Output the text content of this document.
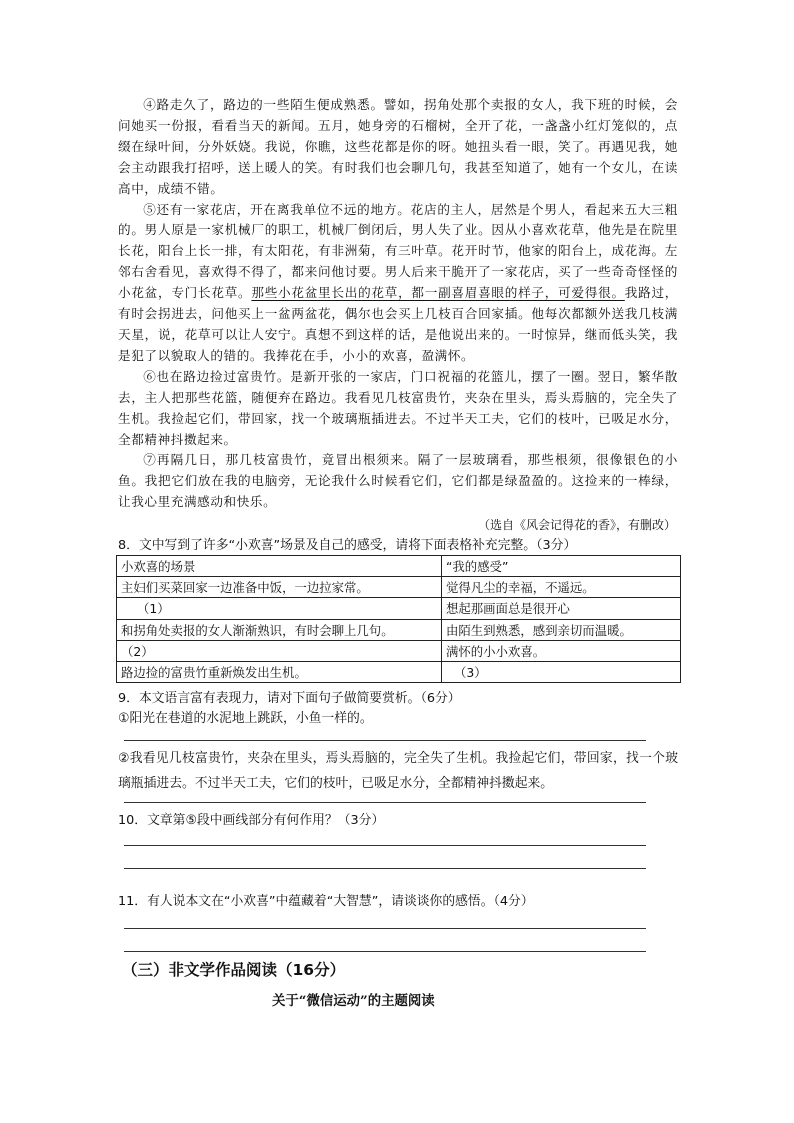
④路走久了，路边的一些陌生便成熟悉。譬如，拐角处那个卖报的女人，我下班的时候，会问她买一份报，看看当天的新闻。五月，她身旁的石榴树，全开了花，一盏盏小红灯笼似的，点缀在绿叶间，分外妖娆。我说，你瞧，这些花都是你的呀。她扭头看一眼，笑了。再遇见我，她会主动跟我打招呼，送上暖人的笑。有时我们也会聊几句，我甚至知道了，她有一个女儿，在读高中，成绩不错。

⑤还有一家花店，开在离我单位不远的地方。花店的主人，居然是个男人，看起来五大三粗的。男人原是一家机械厂的职工，机械厂倒闭后，男人失了业。因从小喜欢花草，他先是在院里长花，阳台上长一排，有太阳花，有非洲菊，有三叶草。花开时节，他家的阳台上，成花海。左邻右舍看见，喜欢得不得了，都来问他讨要。男人后来干脆开了一家花店，买了一些奇奇怪怪的小花盆，专门长花草。那些小花盆里长出的花草，都一副喜眉喜眼的样子，可爱得很。我路过，有时会拐进去，问他买上一盆两盆花，偶尔也会买上几枝百合回家插。他每次都额外送我几枝满天星，说，花草可以让人安宁。真想不到这样的话，是他说出来的。一时惊异，继而低头笑，我是犯了以貌取人的错的。我捧花在手，小小的欢喜，盈满怀。

⑥也在路边捡过富贵竹。是新开张的一家店，门口祝福的花篮儿，摆了一圈。翌日，繁华散去，主人把那些花篮，随便弃在路边。我看见几枝富贵竹，夹杂在里头，焉头焉脑的，完全失了生机。我捡起它们，带回家，找一个玻璃瓶插进去。不过半天工夫，它们的枝叶，已吸足水分，全都精神抖擞起来。

⑦再隔几日，那几枝富贵竹，竟冒出根须来。隔了一层玻璃看，那些根须，很像银色的小鱼。我把它们放在我的电脑旁，无论我什么时候看它们，它们都是绿盈盈的。这捡来的一棒绿，让我心里充满感动和快乐。

（选自《风会记得花的香》，有删改）
8．文中写到了许多“小欢喜”场景及自己的感受，请将下面表格补充完整。（3分）
小欢喜的场景	“我的感受”
主妇们买菜回家一边准备中饭，一边拉家常。	觉得凡尘的幸福，不遥远。
（1）	想起那画面总是很开心
和拐角处卖报的女人渐渐熟识，有时会聊上几句。	由陌生到熟悉，感到亲切而温暖。
（2）	满怀的小小欢喜。
路边捡的富贵竹重新焕发出生机。	（3）
9．本文语言富有表现力，请对下面句子做简要赏析。（6分）
①阳光在巷道的水泥地上跳跃，小鱼一样的。
②我看见几枝富贵竹，夹杂在里头，焉头焉脑的，完全失了生机。我捡起它们，带回家，找一个玻璃瓶插进去。不过半天工夫，它们的枝叶，已吸足水分，全都精神抖擞起来。
10．文章第⑤段中画线部分有何作用？（3分）
11．有人说本文在“小欢喜”中蕴藏着“大智慧”，请谈谈你的感悟。（4分）
（三）非文学作品阅读（16分）
关于“微信运动”的主题阅读
